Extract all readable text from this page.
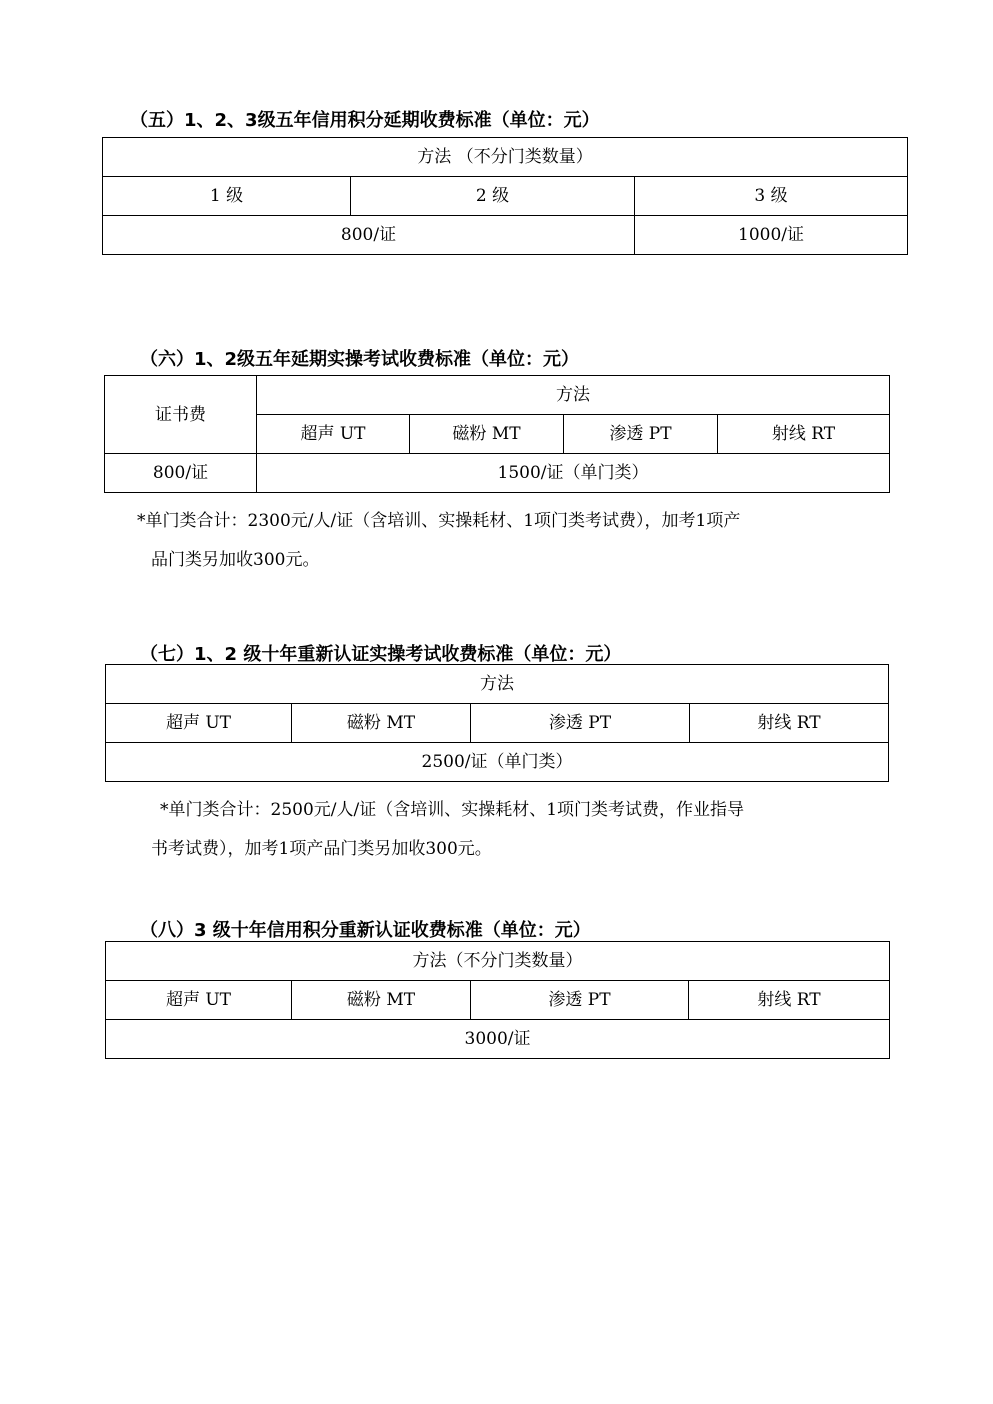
（五）1、2、3级五年信用积分延期收费标准（单位：元）
方法 （不分门类数量）		
1 级	2 级	3 级
800/证		1000/证
（六）1、2级五年延期实操考试收费标准（单位：元）
证书费	方法			
	超声 UT	磁粉 MT	渗透 PT	射线 RT
800/证	1500/证（单门类）			
*单门类合计：2300元/人/证（含培训、实操耗材、1项门类考试费），加考1项产
品门类另加收300元。
（七）1、2 级十年重新认证实操考试收费标准（单位：元）
方法
超声 UT	磁粉 MT	渗透 PT	射线 RT
2500/证（单门类）
*单门类合计：2500元/人/证（含培训、实操耗材、1项门类考试费，作业指导
书考试费），加考1项产品门类另加收300元。
（八）3 级十年信用积分重新认证收费标准（单位：元）
方法（不分门类数量）
超声 UT	磁粉 MT	渗透 PT	射线 RT
3000/证
